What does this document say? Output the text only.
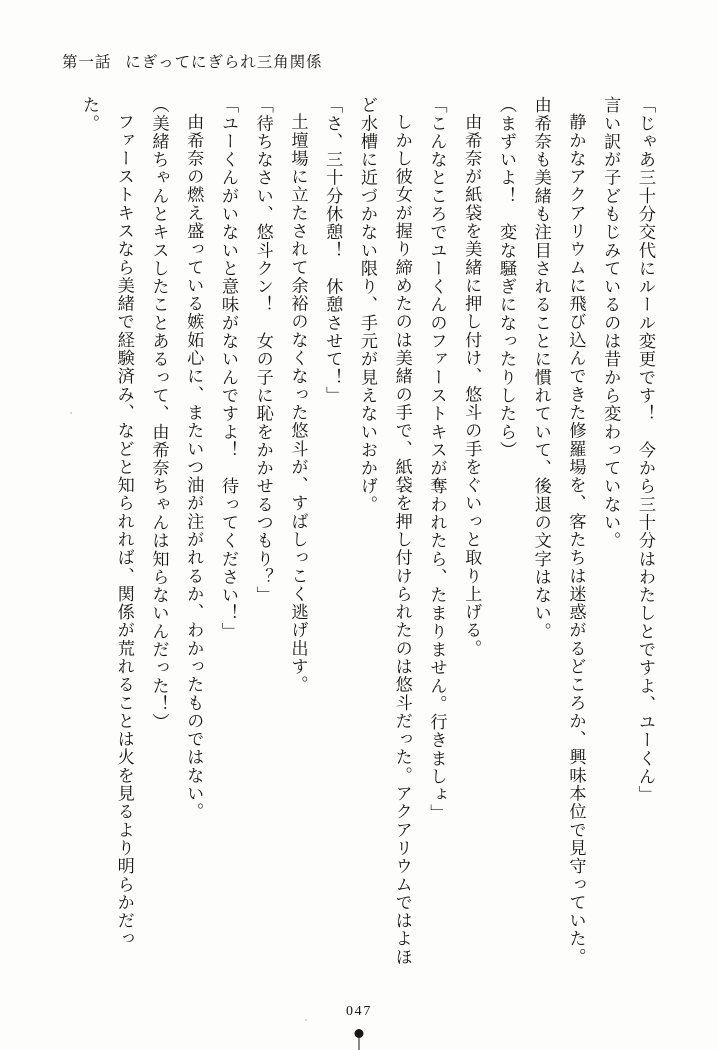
第一話 にぎってにぎられ三角関係

「じゃあ三十分交代にルール変更です！　今から三十分はわたしとですよ、ユーくん」

言い訳が子どもじみているのは昔から変わっていない。

静かなアクアリウムに飛び込んできた修羅場を、客たちは迷惑がるどころか、興味本位で見守っていた。　由希奈も美緒も注目されることに慣れていて、後退の文字はない。

（まずいよ！　変な騒ぎになったりしたら）

由希奈が紙袋を美緒に押し付け、悠斗の手をぐいっと取り上げる。

「こんなところでユーくんのファーストキスが奪われたら、たまりません。行きましょ」

しかし彼女が握り締めたのは美緒の手で、紙袋を押し付けられたのは悠斗だった。アクアリウムではよほど水槽に近づかない限り、手元が見えないおかげ。

「さ、三十分休憩！　休憩させて！」

土壇場に立たされて余裕のなくなった悠斗が、すばしっこく逃げ出す。

「待ちなさい、悠斗クン！　女の子に恥をかかせるつもり？」

「ユーくんがいないと意味がないんですよ！　待ってください！」

由希奈の燃え盛っている嫉妬心に、またいつ油が注がれるか、わかったものではない。

（美緒ちゃんとキスしたことあるって、由希奈ちゃんは知らないんだった！）

ファーストキスなら美緒で経験済み、などと知られれば、関係が荒れることは火を見るより明らかだった。

047
